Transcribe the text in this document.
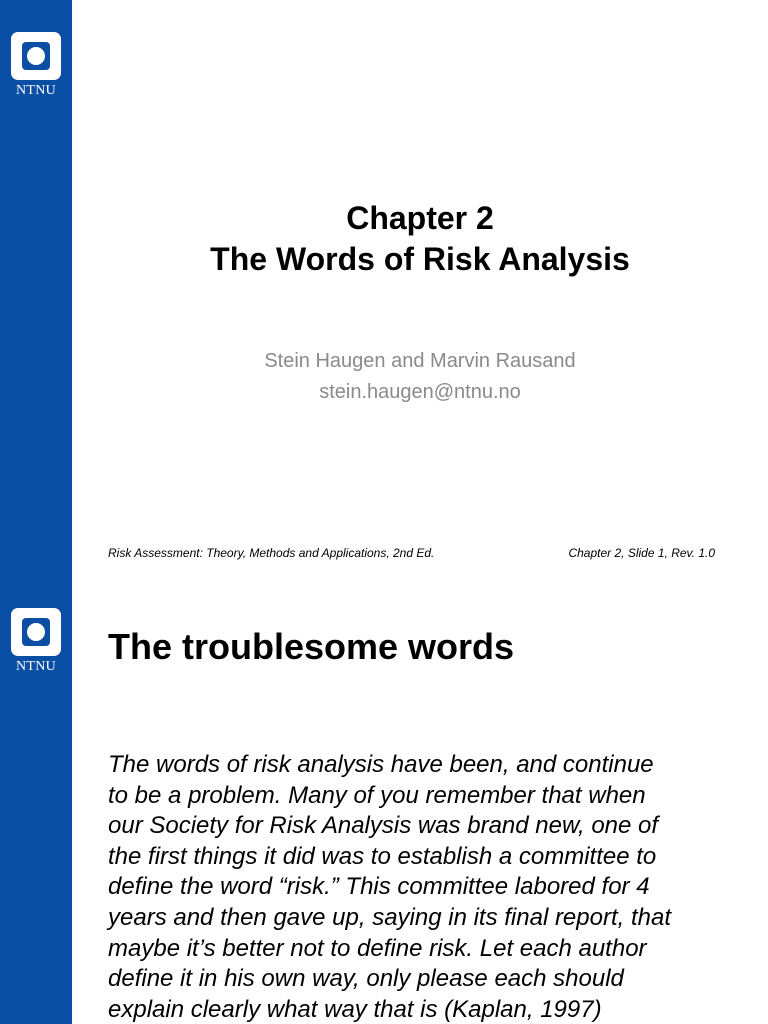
NTNU
Chapter 2
The Words of Risk Analysis
Stein Haugen and Marvin Rausand
stein.haugen@ntnu.no
Risk Assessment: Theory, Methods and Applications, 2nd Ed.	Chapter 2, Slide 1, Rev. 1.0
NTNU The troublesome words
The words of risk analysis have been, and continue
to be a problem. Many of you remember that when
our Society for Risk Analysis was brand new, one of
the first things it did was to establish a committee to
define the word “risk.” This committee labored for 4
years and then gave up, saying in its final report, that
maybe it’s better not to define risk. Let each author
define it in his own way, only please each should
explain clearly what way that is (Kaplan, 1997)
